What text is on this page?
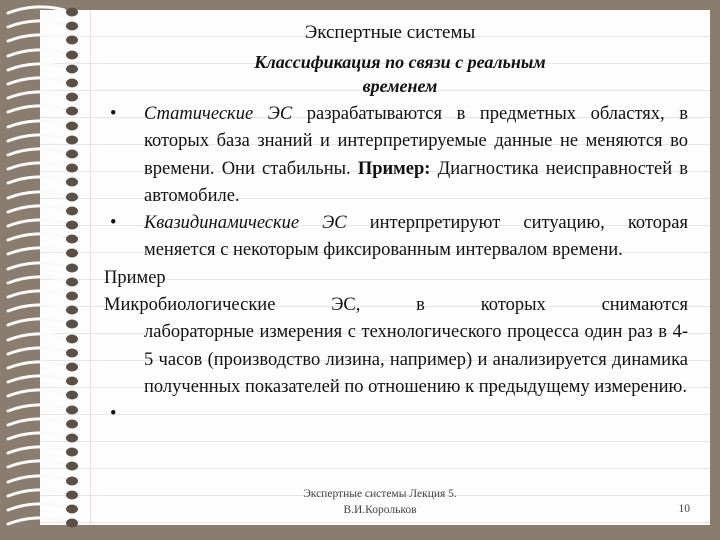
Экспертные системы
Классификация по связи с реальным
временем
• Статические ЭС разрабатываются в предметных областях, в которых база знаний и интерпретируемые данные не меняются во времени. Они стабильны. Пример: Диагностика неисправностей в автомобиле.
• Квазидинамические ЭС интерпретируют ситуацию, которая меняется с некоторым фиксированным интервалом времени.
Пример
Микробиологические ЭС, в которых снимаются
лабораторные измерения с технологического процесса один раз в 4-5 часов (производство лизина, например) и анализируется динамика полученных показателей по отношению к предыдущему измерению.
•
Экспертные системы Лекция 5.
В.И.Корольков	10
